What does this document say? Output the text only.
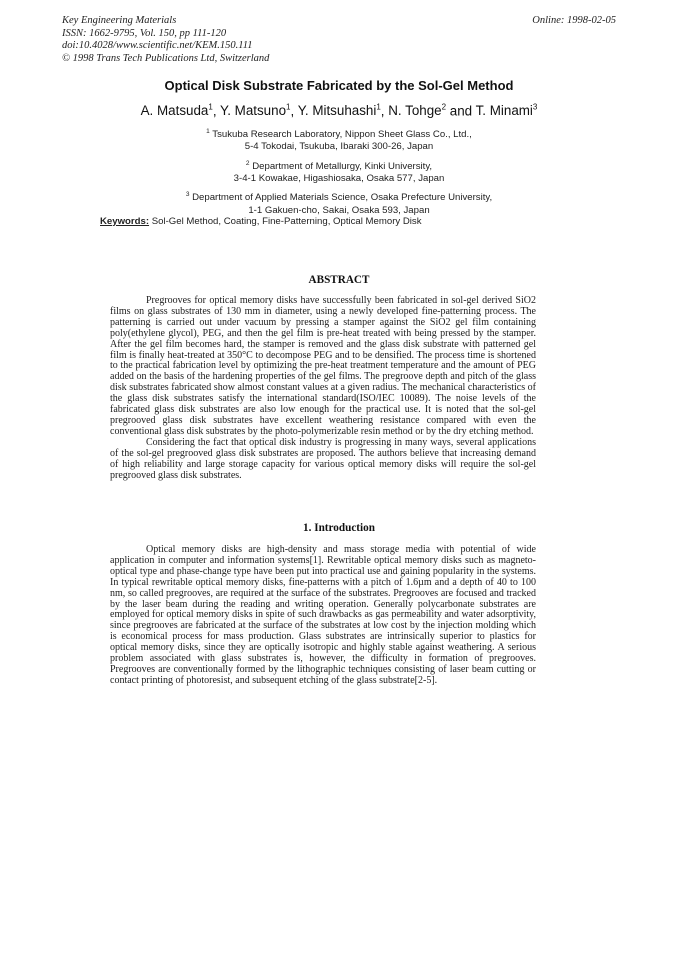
Key Engineering Materials
ISSN: 1662-9795, Vol. 150, pp 111-120
doi:10.4028/www.scientific.net/KEM.150.111
© 1998 Trans Tech Publications Ltd, Switzerland
Online: 1998-02-05
Optical Disk Substrate Fabricated by the Sol-Gel Method
A. Matsuda$^1$, Y. Matsuno$^1$, Y. Mitsuhashi$^1$, N. Tohge$^2$ and T. Minami$^3$
$^1$ Tsukuba Research Laboratory, Nippon Sheet Glass Co., Ltd.,
5-4 Tokodai, Tsukuba, Ibaraki 300-26, Japan
$^2$ Department of Metallurgy, Kinki University,
3-4-1 Kowakae, Higashiosaka, Osaka 577, Japan
$^3$ Department of Applied Materials Science, Osaka Prefecture University,
1-1 Gakuen-cho, Sakai, Osaka 593, Japan
Keywords: Sol-Gel Method, Coating, Fine-Patterning, Optical Memory Disk
ABSTRACT

Pregrooves for optical memory disks have successfully been fabricated in sol-gel derived SiO2 films on glass substrates of 130 mm in diameter, using a newly developed fine-patterning process. The patterning is carried out under vacuum by pressing a stamper against the SiO2 gel film containing poly(ethylene glycol), PEG, and then the gel film is pre-heat treated with being pressed by the stamper. After the gel film becomes hard, the stamper is removed and the glass disk substrate with patterned gel film is finally heat-treated at 350°C to decompose PEG and to be densified. The process time is shortened to the practical fabrication level by optimizing the pre-heat treatment temperature and the amount of PEG added on the basis of the hardening properties of the gel films. The pregroove depth and pitch of the glass disk substrates fabricated show almost constant values at a given radius. The mechanical characteristics of the glass disk substrates satisfy the international standard(ISO/IEC 10089). The noise levels of the fabricated glass disk substrates are also low enough for the practical use. It is noted that the sol-gel pregrooved glass disk substrates have excellent weathering resistance compared with even the conventional glass disk substrates by the photo-polymerizable resin method or by the dry etching method.

Considering the fact that optical disk industry is progressing in many ways, several applications of the sol-gel pregrooved glass disk substrates are proposed. The authors believe that increasing demand of high reliability and large storage capacity for various optical memory disks will require the sol-gel pregrooved glass disk substrates.

1. Introduction

Optical memory disks are high-density and mass storage media with potential of wide application in computer and information systems[1]. Rewritable optical memory disks such as magneto-optical type and phase-change type have been put into practical use and gaining popularity in the systems. In typical rewritable optical memory disks, fine-patterns with a pitch of 1.6µm and a depth of 40 to 100 nm, so called pregrooves, are required at the surface of the substrates. Pregrooves are focused and tracked by the laser beam during the reading and writing operation. Generally polycarbonate substrates are employed for optical memory disks in spite of such drawbacks as gas permeability and water adsorptivity, since pregrooves are fabricated at the surface of the substrates at low cost by the injection molding which is economical process for mass production. Glass substrates are intrinsically superior to plastics for optical memory disks, since they are optically isotropic and highly stable against weathering. A serious problem associated with glass substrates is, however, the difficulty in formation of pregrooves. Pregrooves are conventionally formed by the lithographic techniques consisting of laser beam cutting or contact printing of photoresist, and subsequent etching of the glass substrate[2-5].
